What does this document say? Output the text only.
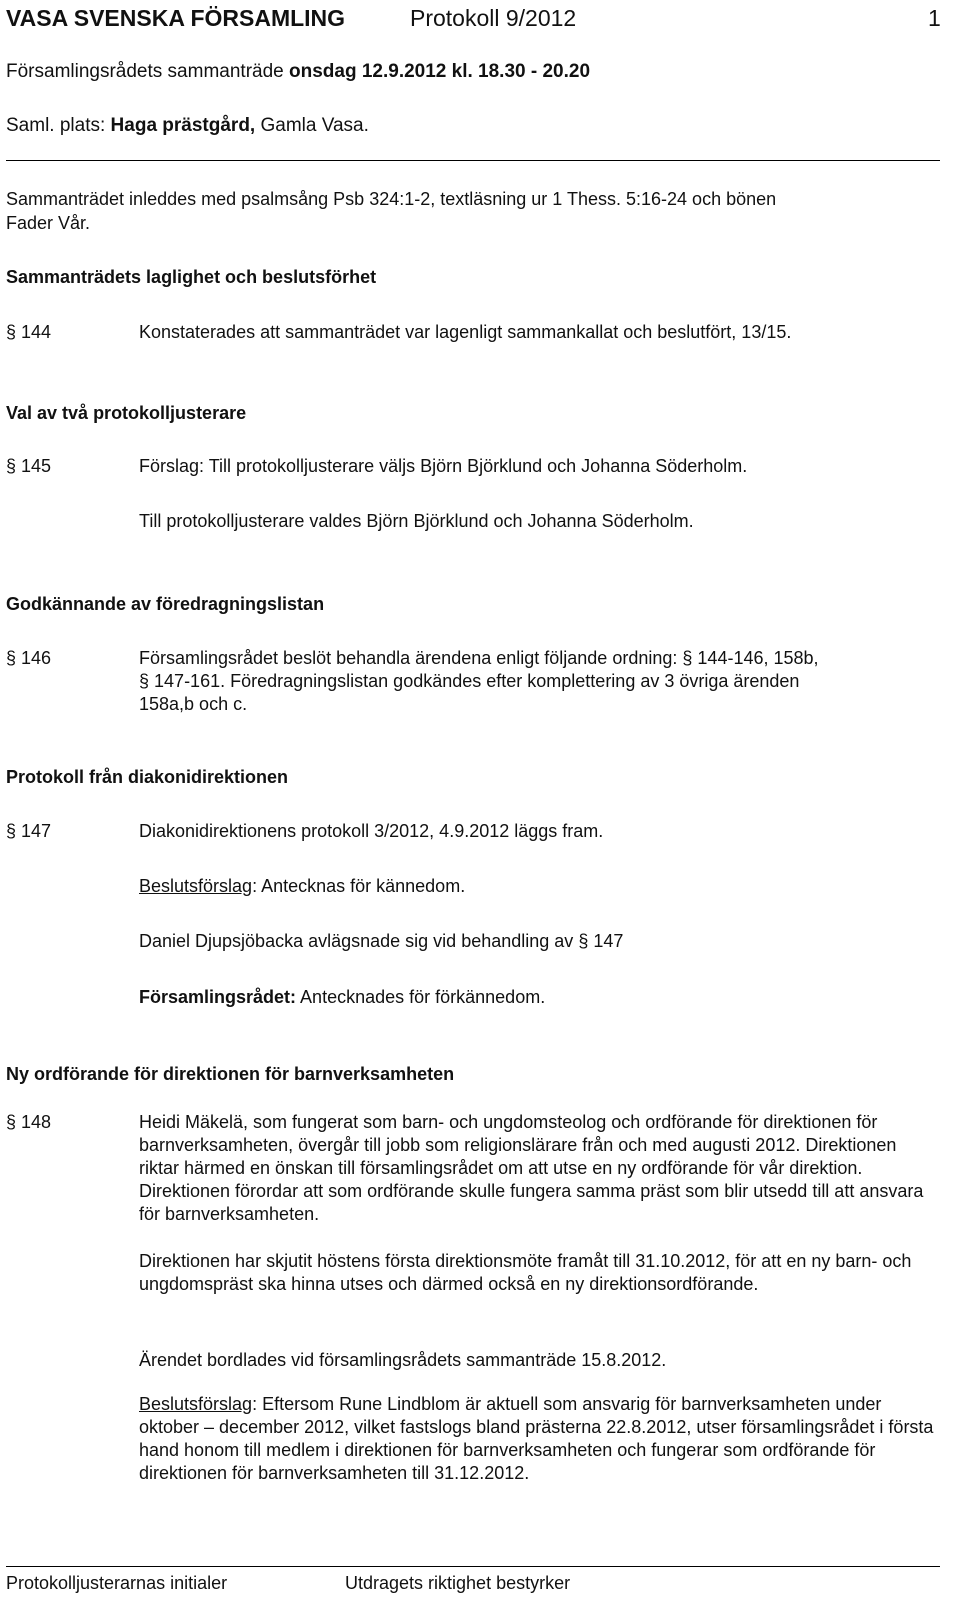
VASA SVENSKA FÖRSAMLING	Protokoll 9/2012	1
Församlingsrådets sammanträde onsdag 12.9.2012 kl. 18.30 - 20.20
Saml. plats: Haga prästgård, Gamla Vasa.
Sammanträdet inleddes med psalmsång Psb 324:1-2, textläsning ur 1 Thess. 5:16-24 och bönen
Fader Vår.
Sammanträdets laglighet och beslutsförhet
§ 144	Konstaterades att sammanträdet var lagenligt sammankallat och beslutfört, 13/15.
Val av två protokolljusterare
§ 145	Förslag: Till protokolljusterare väljs Björn Björklund och Johanna Söderholm.
Till protokolljusterare valdes Björn Björklund och Johanna Söderholm.
Godkännande av föredragningslistan
§ 146	Församlingsrådet beslöt behandla ärendena enligt följande ordning: § 144-146, 158b,
§ 147-161. Föredragningslistan godkändes efter komplettering av 3 övriga ärenden
158a,b och c.
Protokoll från diakonidirektionen
§ 147	Diakonidirektionens protokoll 3/2012, 4.9.2012 läggs fram.
Beslutsförslag: Antecknas för kännedom.
Daniel Djupsjöbacka avlägsnade sig vid behandling av § 147
Församlingsrådet: Antecknades för förkännedom.
Ny ordförande för direktionen för barnverksamheten
§ 148	Heidi Mäkelä, som fungerat som barn- och ungdomsteolog och ordförande för direktionen för barnverksamheten, övergår till jobb som religionslärare från och med augusti 2012. Direktionen riktar härmed en önskan till församlingsrådet om att utse en ny ordförande för vår direktion. Direktionen förordar att som ordförande skulle fungera samma präst som blir utsedd till att ansvara för barnverksamheten.
Direktionen har skjutit höstens första direktionsmöte framåt till 31.10.2012, för att en ny barn- och ungdomspräst ska hinna utses och därmed också en ny direktionsordförande.
Ärendet bordlades vid församlingsrådets sammanträde 15.8.2012.
Beslutsförslag: Eftersom Rune Lindblom är aktuell som ansvarig för barnverksamheten under oktober – december 2012, vilket fastslogs bland prästerna 22.8.2012, utser församlingsrådet i första hand honom till medlem i direktionen för barnverksamheten och fungerar som ordförande för direktionen för barnverksamheten till 31.12.2012.
Protokolljusterarnas initialer	Utdragets riktighet bestyrker
